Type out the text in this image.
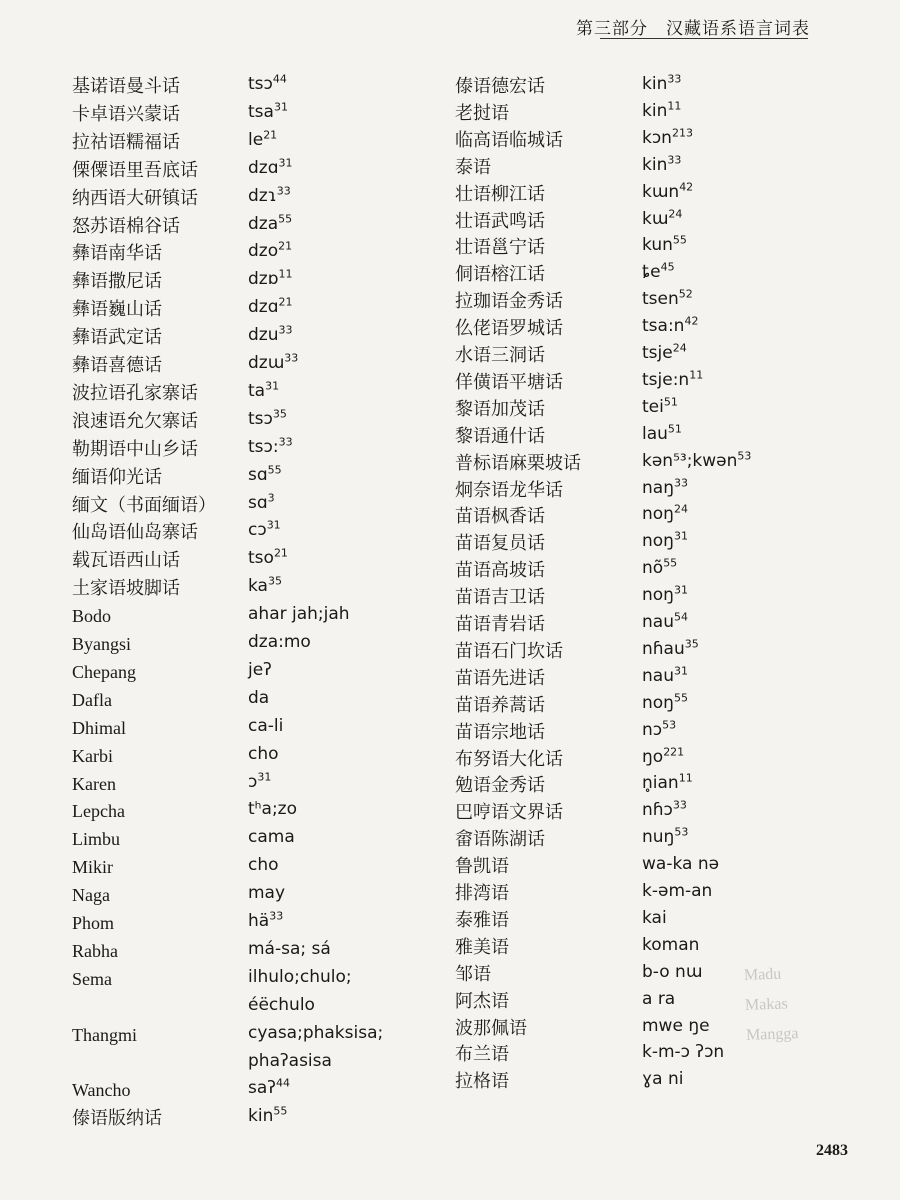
第三部分　汉藏语系语言词表
基诺语曼斗话	tsɔ$^{44}$
卡卓语兴蒙话	tsa$^{31}$
拉祜语糯福话	$le^{21}$
傈僳语里吾底话	dzɑ$^{31}$
纳西语大研镇话	dzɿ$^{33}$
怒苏语棉谷话	dza$^{55}$
彝语南华话	dzo$^{21}$
彝语撒尼话	dzɒ$^{11}$
彝语巍山话	dzɑ$^{21}$
彝语武定话	dzu$^{33}$
彝语喜德话	dzɯ$^{33}$
波拉语孔家寨话	$ta^{31}$
浪速语允欠寨话	tsɔ$^{35}$
勒期语中山乡话	tsɔ:$^{33}$
缅语仰光话	sɑ$^{55}$
缅文（书面缅语） sɑ$^3$
仙岛语仙岛寨话	cɔ$^{31}$
载瓦语西山话	tso$^{21}$
土家语坡脚话	$ka^{35}$
Bodo	ahar jah;jah
Byangsi	dza:mo
Chepang	jeʔ
Dafla	da
Dhimal	ca-li
Karbi	cho
Karen	ɔ$^{31}$
Lepcha	tʰa;zo
Limbu	cama
Mikir	cho
Naga	may
Phom	$hä^{33}$
Rabha	má-sa; sá
Sema	ilhulo;chulo;
éëchulo
Thangmi	cyasa;phaksisa;
phaʔasisa
Wancho	saʔ$^{44}$
傣语版纳话	kin$^{55}$
傣语德宏话	kin$^{33}$
老挝语	kin$^{11}$
临高语临城话	kɔn$^{213}$
泰语	kin$^{33}$
壮语柳江话	kɯn$^{42}$
壮语武鸣话	kɯ$^{24}$
壮语邕宁话	kun$^{55}$
侗语榕江话	$ȶe^{45}$
拉珈语金秀话	tsen$^{52}$
仫佬语罗城话	$tsa:n^{42}$
水语三洞话	tsje$^{24}$
佯僙语平塘话	$tsje:n^{11}$
黎语加茂话	tei$^{51}$
黎语通什话	lau$^{51}$
普标语麻栗坡话	kən⁵³;kwən$^{53}$
炯奈语龙华话	naŋ$^{33}$
苗语枫香话	noŋ$^{24}$
苗语复员话	noŋ$^{31}$
苗语高坡话	$nõ^{55}$
苗语吉卫话	noŋ$^{31}$
苗语青岩话	nau$^{54}$
苗语石门坎话	nɦau$^{35}$
苗语先进话	nau$^{31}$
苗语养蒿话	noŋ$^{55}$
苗语宗地话	nɔ$^{53}$
布努语大化话	$ŋo^{221}$
勉语金秀话	n̥ian$^{11}$
巴哼语文界话	nɦɔ$^{33}$
畲语陈湖话	nuŋ$^{53}$
鲁凯语	wa-ka nə
排湾语	k-əm-an
泰雅语	kai
雅美语	koman
邹语	b-o nɯ
阿杰语	a ra
波那佩语	mwe ŋe
布兰语	k-m-ɔ ʔɔn
拉格语	ɣa ni
Madu
Makas
Mangga
2483
